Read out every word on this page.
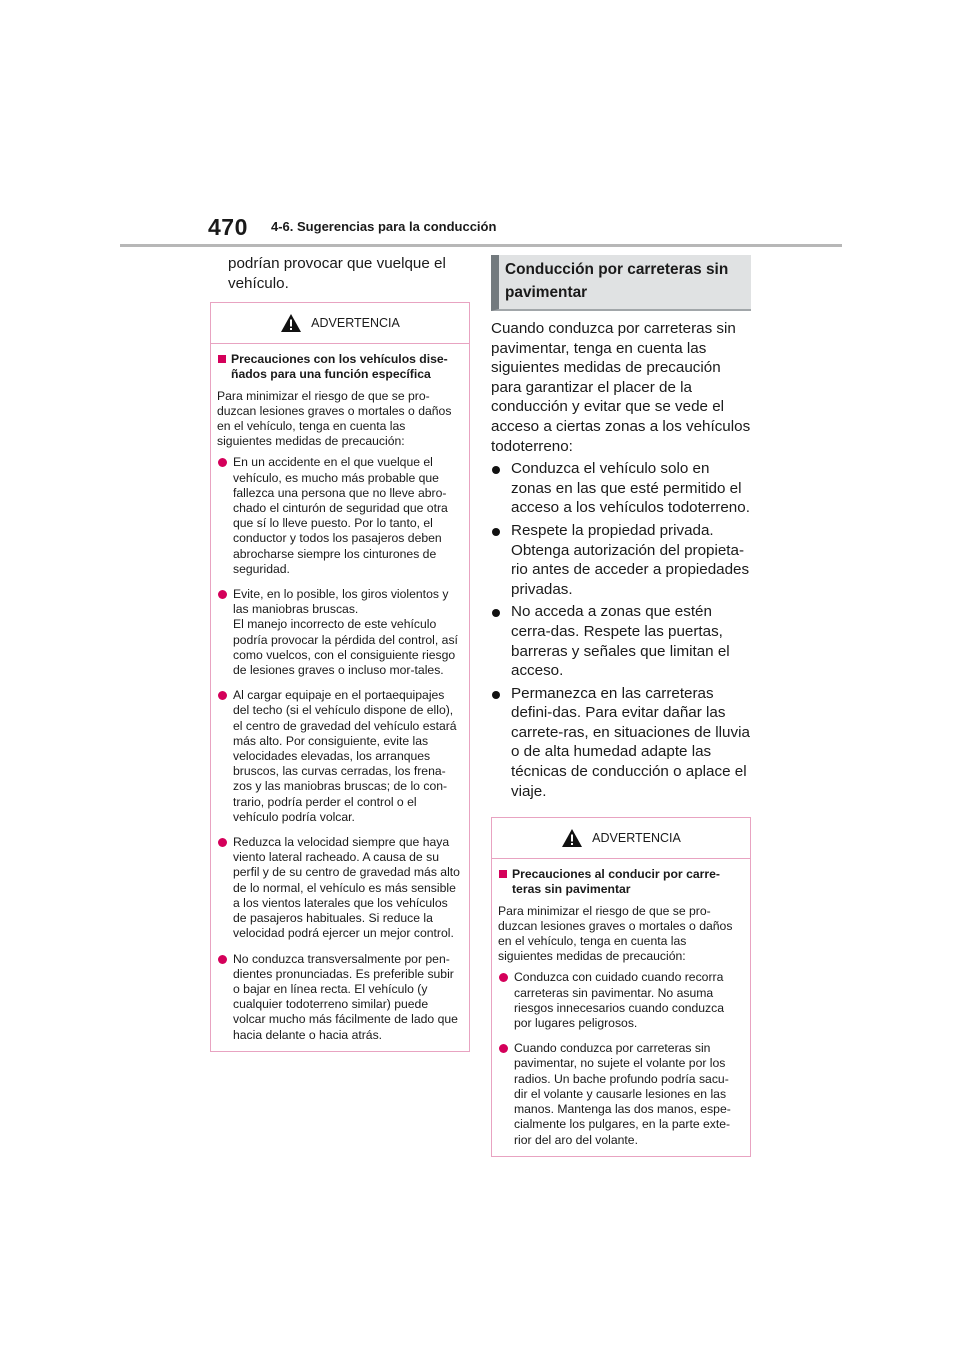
470 4-6. Sugerencias para la conducción

podrían provocar que vuelque el vehículo.

ADVERTENCIA
Precauciones con los vehículos dise-ñados para una función específica
Para minimizar el riesgo de que se pro-duzcan lesiones graves o mortales o daños en el vehículo, tenga en cuenta las siguientes medidas de precaución:
En un accidente en el que vuelque el vehículo, es mucho más probable que fallezca una persona que no lleve abro-chado el cinturón de seguridad que otra que sí lo lleve puesto. Por lo tanto, el conductor y todos los pasajeros deben abrocharse siempre los cinturones de seguridad.
Evite, en lo posible, los giros violentos y las maniobras bruscas.
El manejo incorrecto de este vehículo podría provocar la pérdida del control, así como vuelcos, con el consiguiente riesgo de lesiones graves o incluso mor-tales.
Al cargar equipaje en el portaequipajes del techo (si el vehículo dispone de ello), el centro de gravedad del vehículo estará más alto. Por consiguiente, evite las velocidades elevadas, los arranques bruscos, las curvas cerradas, los frena-zos y las maniobras bruscas; de lo con-trario, podría perder el control o el vehículo podría volcar.
Reduzca la velocidad siempre que haya viento lateral racheado. A causa de su perfil y de su centro de gravedad más alto de lo normal, el vehículo es más sensible a los vientos laterales que los vehículos de pasajeros habituales. Si reduce la velocidad podrá ejercer un mejor control.
No conduzca transversalmente por pen-dientes pronunciadas. Es preferible subir o bajar en línea recta. El vehículo (y cualquier todoterreno similar) puede volcar mucho más fácilmente de lado que hacia delante o hacia atrás.
Conducción por carreteras sin pavimentar

Cuando conduzca por carreteras sin pavimentar, tenga en cuenta las siguientes medidas de precaución para garantizar el placer de la conducción y evitar que se vede el acceso a ciertas zonas a los vehículos todoterreno:

Conduzca el vehículo solo en zonas en las que esté permitido el acceso a los vehículos todoterreno.
Respete la propiedad privada. Obtenga autorización del propieta-rio antes de acceder a propiedades privadas.
No acceda a zonas que estén cerra-das. Respete las puertas, barreras y señales que limitan el acceso.
Permanezca en las carreteras defini-das. Para evitar dañar las carrete-ras, en situaciones de lluvia o de alta humedad adapte las técnicas de conducción o aplace el viaje.
ADVERTENCIA
Precauciones al conducir por carre-teras sin pavimentar
Para minimizar el riesgo de que se pro-duzcan lesiones graves o mortales o daños en el vehículo, tenga en cuenta las siguientes medidas de precaución:
Conduzca con cuidado cuando recorra carreteras sin pavimentar. No asuma riesgos innecesarios cuando conduzca por lugares peligrosos.
Cuando conduzca por carreteras sin pavimentar, no sujete el volante por los radios. Un bache profundo podría sacu-dir el volante y causarle lesiones en las manos. Mantenga las dos manos, espe-cialmente los pulgares, en la parte exte-rior del aro del volante.
